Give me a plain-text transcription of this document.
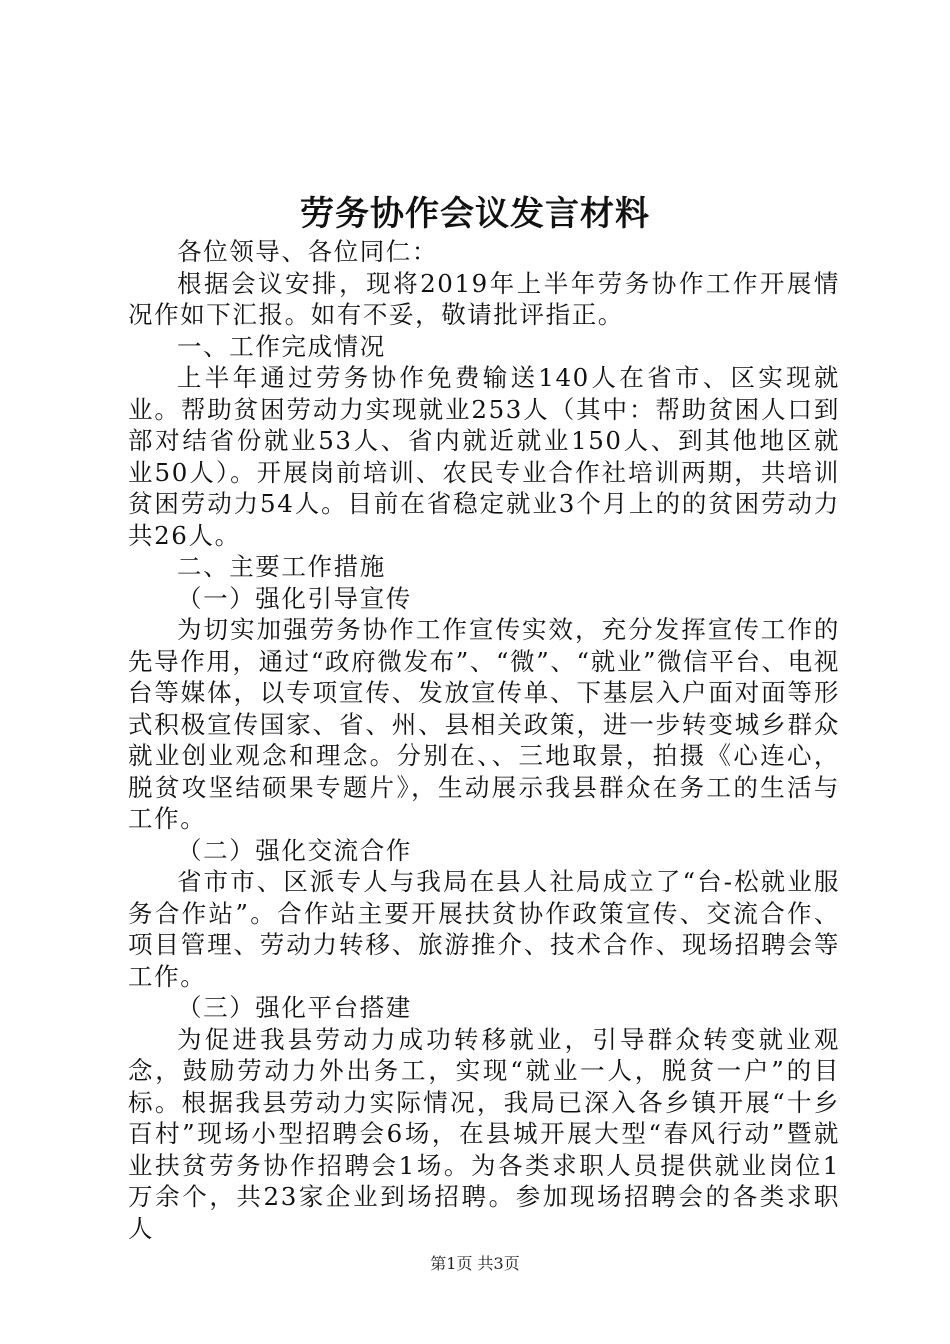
劳务协作会议发言材料

各位领导、各位同仁：

根据会议安排，现将2019年上半年劳务协作工作开展情况作如下汇报。如有不妥，敬请批评指正。

一、工作完成情况

上半年通过劳务协作免费输送140人在省市、区实现就业。帮助贫困劳动力实现就业253人（其中：帮助贫困人口到部对结省份就业53人、省内就近就业150人、到其他地区就业50人）。开展岗前培训、农民专业合作社培训两期，共培训贫困劳动力54人。目前在省稳定就业3个月上的的贫困劳动力共26人。

二、主要工作措施

（一）强化引导宣传

为切实加强劳务协作工作宣传实效，充分发挥宣传工作的先导作用，通过“政府微发布”、“微”、“就业”微信平台、电视台等媒体，以专项宣传、发放宣传单、下基层入户面对面等形式积极宣传国家、省、州、县相关政策，进一步转变城乡群众就业创业观念和理念。分别在、、三地取景，拍摄《心连心，脱贫攻坚结硕果专题片》，生动展示我县群众在务工的生活与工作。

（二）强化交流合作

省市市、区派专人与我局在县人社局成立了“台-松就业服务合作站”。合作站主要开展扶贫协作政策宣传、交流合作、项目管理、劳动力转移、旅游推介、技术合作、现场招聘会等工作。

（三）强化平台搭建

为促进我县劳动力成功转移就业，引导群众转变就业观念，鼓励劳动力外出务工，实现“就业一人，脱贫一户”的目标。根据我县劳动力实际情况，我局已深入各乡镇开展“十乡百村”现场小型招聘会6场，在县城开展大型“春风行动”暨就业扶贫劳务协作招聘会1场。为各类求职人员提供就业岗位1万余个，共23家企业到场招聘。参加现场招聘会的各类求职人

第1页 共3页
